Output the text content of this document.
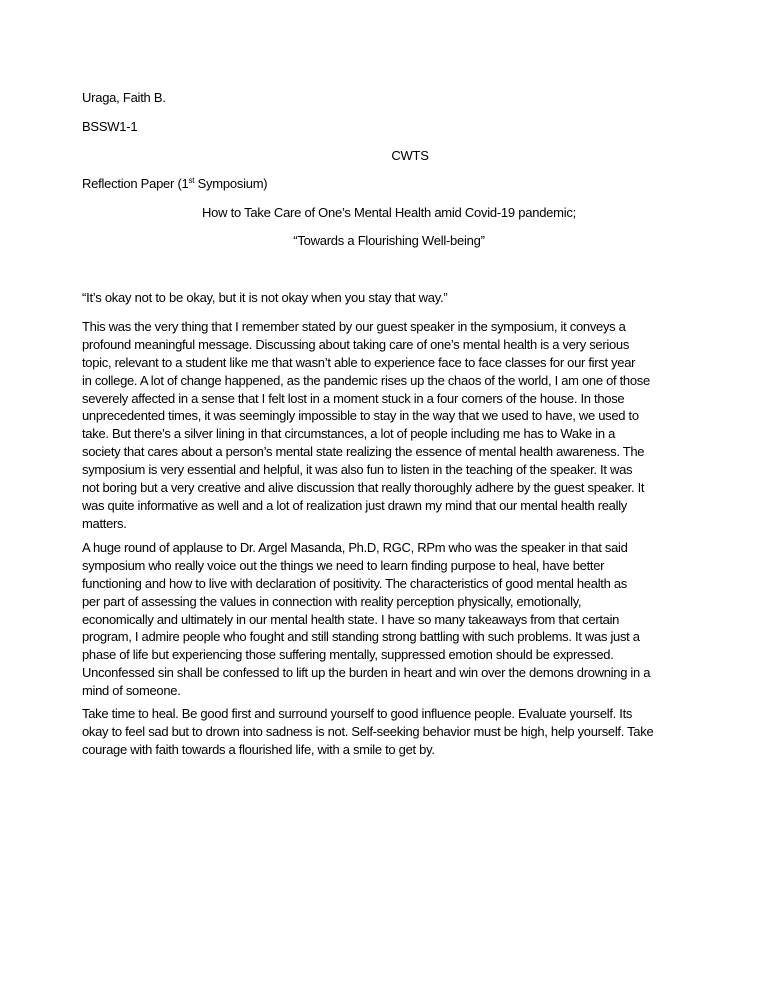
Uraga, Faith B.
BSSW1-1
CWTS
Reflection Paper (1st Symposium)
How to Take Care of One’s Mental Health amid Covid-19 pandemic;
“Towards a Flourishing Well-being”
“It’s okay not to be okay, but it is not okay when you stay that way.”
This was the very thing that I remember stated by our guest speaker in the symposium, it conveys a
profound meaningful message. Discussing about taking care of one’s mental health is a very serious
topic, relevant to a student like me that wasn’t able to experience face to face classes for our first year
in college. A lot of change happened, as the pandemic rises up the chaos of the world, I am one of those
severely affected in a sense that I felt lost in a moment stuck in a four corners of the house. In those
unprecedented times, it was seemingly impossible to stay in the way that we used to have, we used to
take. But there’s a silver lining in that circumstances, a lot of people including me has to Wake in a
society that cares about a person’s mental state realizing the essence of mental health awareness. The
symposium is very essential and helpful, it was also fun to listen in the teaching of the speaker. It was
not boring but a very creative and alive discussion that really thoroughly adhere by the guest speaker. It
was quite informative as well and a lot of realization just drawn my mind that our mental health really
matters.
A huge round of applause to Dr. Argel Masanda, Ph.D, RGC, RPm who was the speaker in that said
symposium who really voice out the things we need to learn finding purpose to heal, have better
functioning and how to live with declaration of positivity. The characteristics of good mental health as
per part of assessing the values in connection with reality perception physically, emotionally,
economically and ultimately in our mental health state. I have so many takeaways from that certain
program, I admire people who fought and still standing strong battling with such problems. It was just a
phase of life but experiencing those suffering mentally, suppressed emotion should be expressed.
Unconfessed sin shall be confessed to lift up the burden in heart and win over the demons drowning in a
mind of someone.
Take time to heal. Be good first and surround yourself to good influence people. Evaluate yourself. Its
okay to feel sad but to drown into sadness is not. Self-seeking behavior must be high, help yourself. Take
courage with faith towards a flourished life, with a smile to get by.
